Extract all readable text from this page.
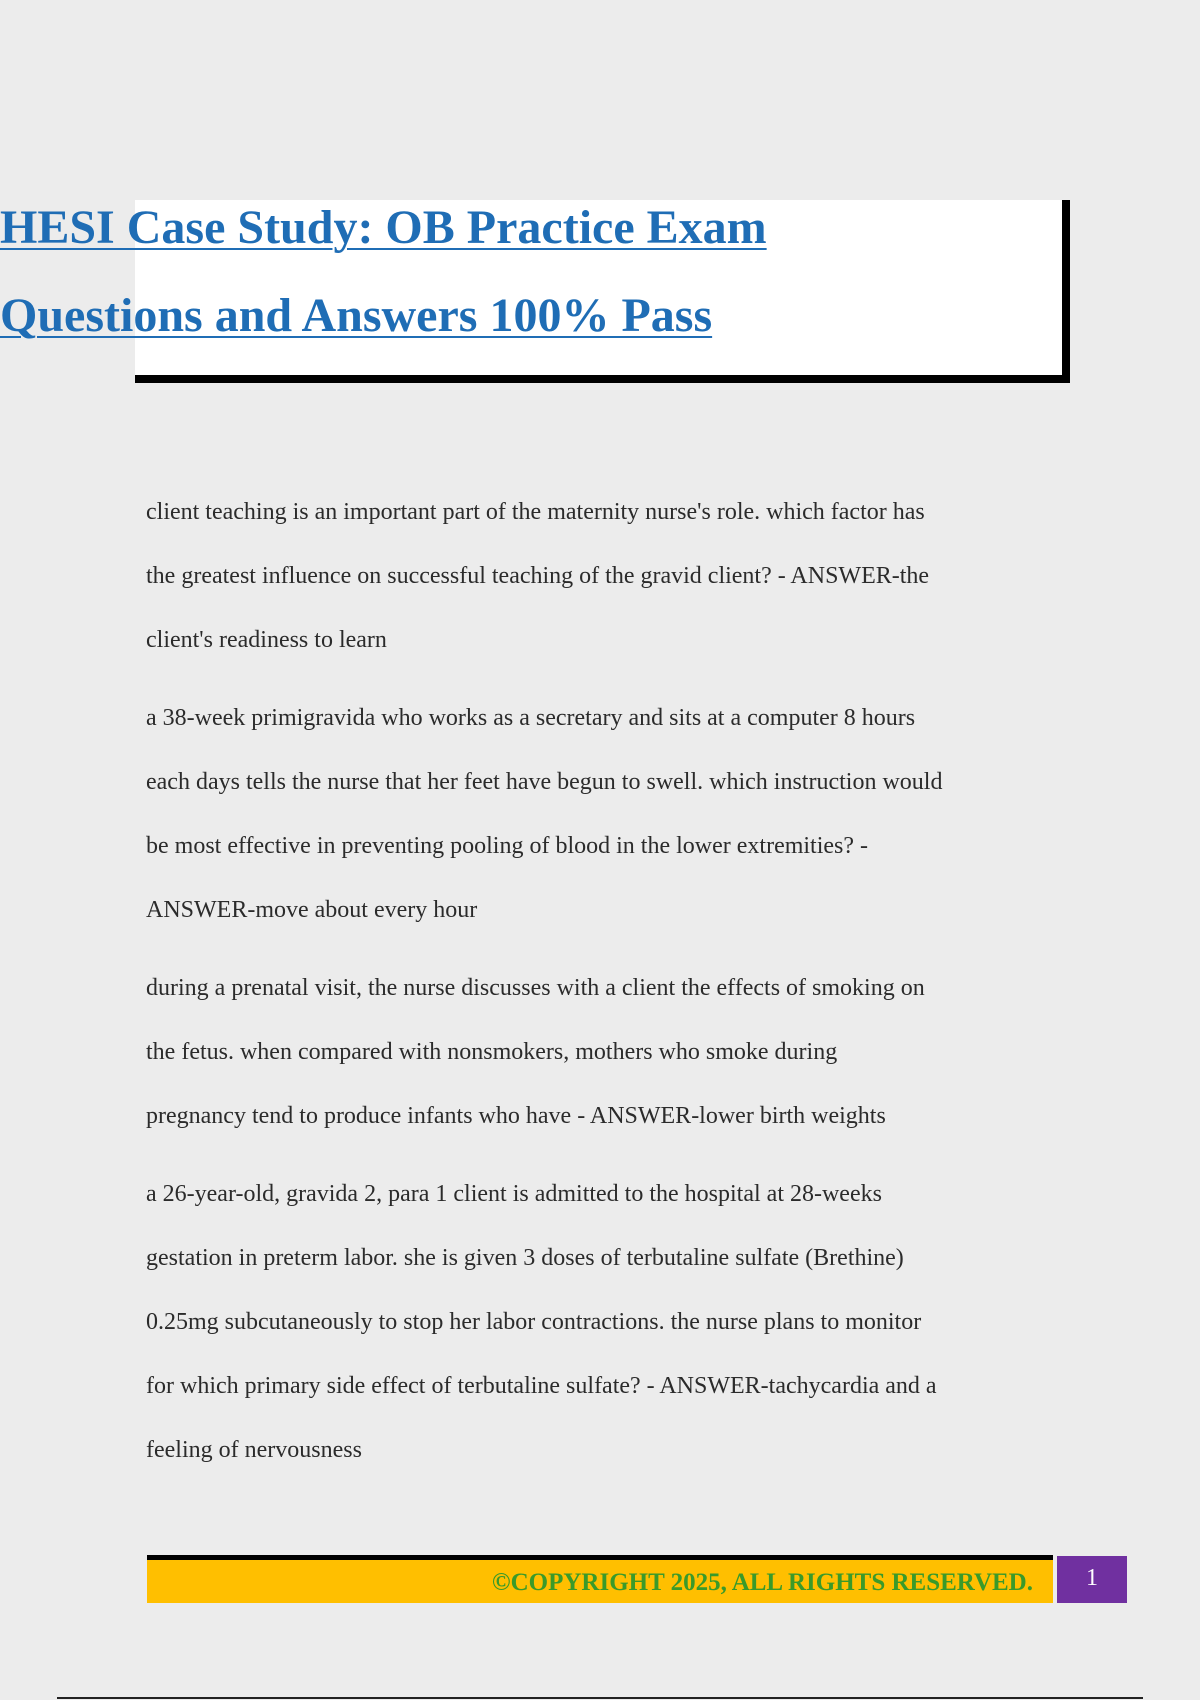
HESI Case Study: OB Practice Exam
Questions and Answers 100% Pass

client teaching is an important part of the maternity nurse's role. which factor has
the greatest influence on successful teaching of the gravid client? - ANSWER-the
client's readiness to learn

a 38-week primigravida who works as a secretary and sits at a computer 8 hours
each days tells the nurse that her feet have begun to swell. which instruction would
be most effective in preventing pooling of blood in the lower extremities? -
ANSWER-move about every hour

during a prenatal visit, the nurse discusses with a client the effects of smoking on
the fetus. when compared with nonsmokers, mothers who smoke during
pregnancy tend to produce infants who have - ANSWER-lower birth weights

a 26-year-old, gravida 2, para 1 client is admitted to the hospital at 28-weeks
gestation in preterm labor. she is given 3 doses of terbutaline sulfate (Brethine)
0.25mg subcutaneously to stop her labor contractions. the nurse plans to monitor
for which primary side effect of terbutaline sulfate? - ANSWER-tachycardia and a
feeling of nervousness

©COPYRIGHT 2025, ALL RIGHTS RESERVED.	1
